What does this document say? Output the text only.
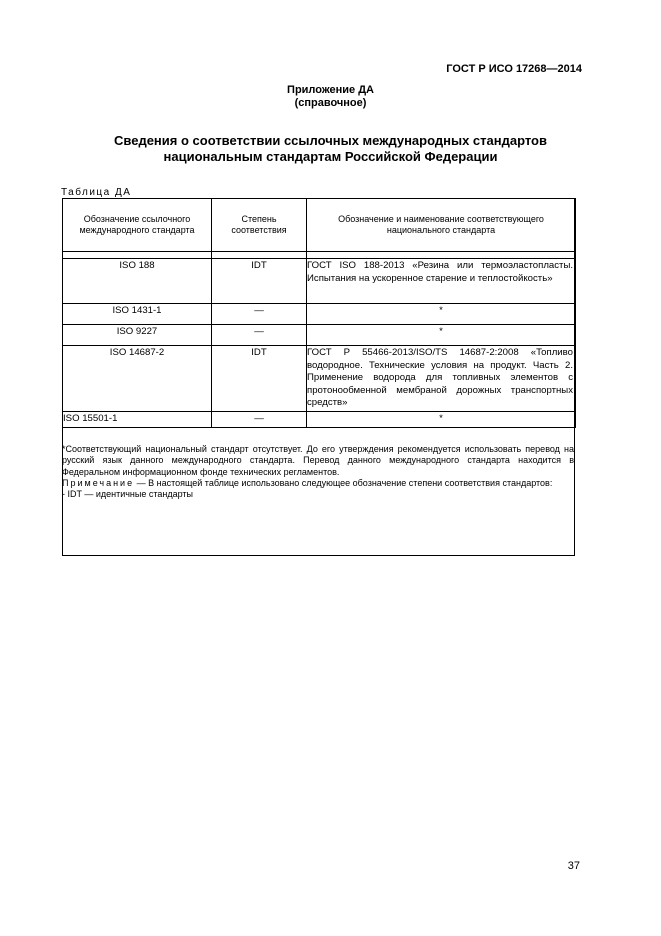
ГОСТ Р ИСО 17268—2014
Приложение ДА
(справочное)
Сведения о соответствии ссылочных международных стандартов
национальным стандартам Российской Федерации
Таблица ДА
Обозначение ссылочного международного стандарта	Степень соответствия	Обозначение и наименование соответствующего национального стандарта

ISO 188	IDT	ГОСТ ISO 188-2013 «Резина или термоэластопласты. Испытания на ускоренное старение и теплостойкость»
ISO 1431-1	—	*
ISO 9227	—	*
ISO 14687-2	IDT	ГОСТ Р 55466-2013/ISO/TS 14687-2:2008 «Топливо водородное. Технические условия на продукт. Часть 2. Применение водорода для топливных элементов с протонообменной мембраной дорожных транспортных средств»
ISO 15501-1	—	*

*Соответствующий национальный стандарт отсутствует. До его утверждения рекомендуется использовать перевод на русский язык данного международного стандарта. Перевод данного международного стандарта находится в Федеральном информационном фонде технических регламентов.

Примечание — В настоящей таблице использовано следующее обозначение степени соответствия стандартов:

- IDT — идентичные стандарты

37
